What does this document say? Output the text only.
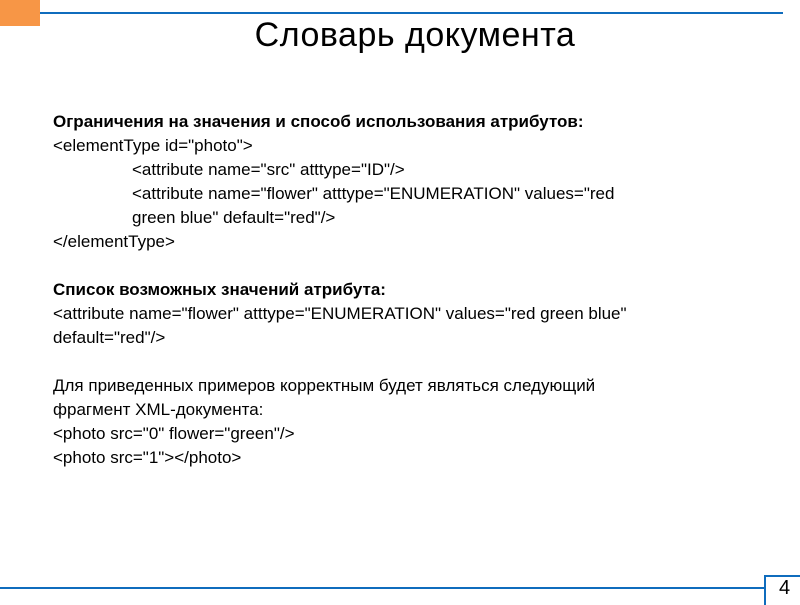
Словарь документа

Ограничения на значения и способ использования атрибутов:

<elementType id="photo">

<attribute name="src" atttype="ID"/>

<attribute name="flower" atttype="ENUMERATION" values="red

green blue" default="red"/>

</elementType>

Список возможных значений атрибута:

<attribute name="flower" atttype="ENUMERATION" values="red green blue"

default="red"/>

Для приведенных примеров корректным будет являться следующий

фрагмент XML-документа:

<photo src="0" flower="green"/>

<photo src="1"></photo>

4
